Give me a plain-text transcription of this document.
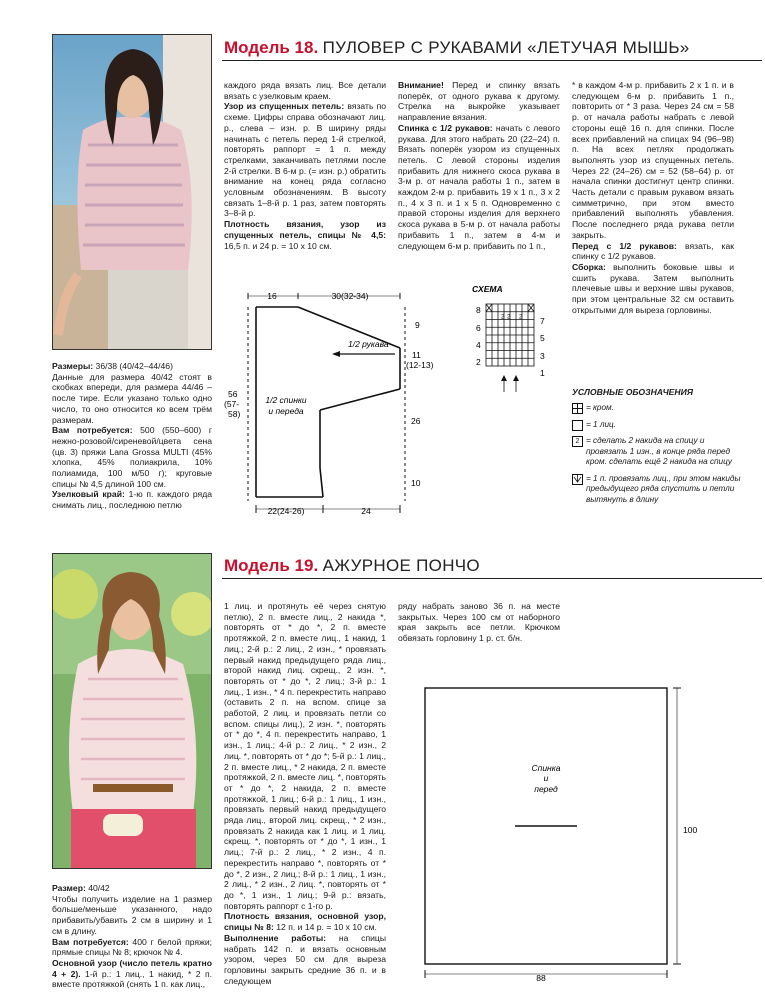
Модель 18. ПУЛОВЕР С РУКАВАМИ «ЛЕТУЧАЯ МЫШЬ»

Размеры: 36/38 (40/42–44/46)

Данные для размера 40/42 стоят в скобках впереди, для размера 44/46 – после тире. Если указано только одно число, то оно относится ко всем трём размерам.

Вам потребуется: 500 (550–600) г нежно-розовой/сиреневой/цвета сена (цв. 3) пряжи Lana Grossa MULTI (45% хлопка, 45% полиакрила, 10% полиамида, 100 м/50 г); круговые спицы № 4,5 длиной 100 см.

Узелковый край: 1-ю п. каждого ряда снимать лиц., последнюю петлю

каждого ряда вязать лиц. Все детали вязать с узелковым краем.

Узор из спущенных петель: вязать по схеме. Цифры справа обозначают лиц. р., слева – изн. р. В ширину ряды начинать с петель перед 1-й стрелкой, повторять раппорт = 1 п. между стрелками, заканчивать петлями после 2-й стрелки. В 6-м р. (= изн. р.) обратить внимание на конец ряда согласно условным обозначениям. В высоту связать 1–8-й р. 1 раз, затем повторять 3–8-й р.

Плотность вязания, узор из спущенных петель, спицы № 4,5: 16,5 п. и 24 р. = 10 х 10 см.

Внимание! Перед и спинку вязать поперёк, от одного рукава к другому. Стрелка на выкройке указывает направление вязания.

Спинка с 1/2 рукавов: начать с левого рукава. Для этого набрать 20 (22–24) п. Вязать поперёк узором из спущенных петель. С левой стороны изделия прибавить для нижнего скоса рукава в 3-м р. от начала работы 1 п., затем в каждом 2-м р. прибавить 19 х 1 п., 3 х 2 п., 4 х 3 п. и 1 х 5 п. Одновременно с правой стороны изделия для верхнего скоса рукава в 5-м р. от начала работы прибавить 1 п., затем в 4-м и следующем 6-м р. прибавить по 1 п.,

* в каждом 4-м р. прибавить 2 х 1 п. и в следующем 6-м р. прибавить 1 п., повторить от * 3 раза. Через 24 см = 58 р. от начала работы набрать с левой стороны ещё 16 п. для спинки. После всех прибавлений на спицах 94 (96–98) п. На всех петлях продолжать выполнять узор из спущенных петель. Через 22 (24–26) см = 52 (58–64) р. от начала спинки достигнут центр спинки. Часть детали с правым рукавом вязать симметрично, при этом вместо прибавлений выполнять убавления. После последнего ряда рукава петли закрыть.

Перед с 1/2 рукавов: вязать, как спинку с 1/2 рукавов.

Сборка: выполнить боковые швы и сшить рукава. Затем выполнить плечевые швы и верхние швы рукавов, при этом центральные 32 см оставить открытыми для выреза горловины.

16	30(32-34)
9
11
(12-13)
1/2 рукава
56
(57-
58)
1/2 спинки
и переда
26
10
22(24-26)	24
СХЕМА
2 2 2
8
6
4
2
7
5
3
1
УСЛОВНЫЕ ОБОЗНАЧЕНИЯ
= кром.
= 1 лиц.
2 = сделать 2 накида на спицу и провязать 1 изн., в конце ряда перед кром. сделать ещё 2 накида на спицу
= 1 п. провязать лиц., при этом накиды предыдущего ряда спустить и петли вытянуть в длину
Модель 19. АЖУРНОЕ ПОНЧО

Размер: 40/42

Чтобы получить изделие на 1 размер больше/меньше указанного, надо прибавить/убавить 2 см в ширину и 1 см в длину.

Вам потребуется: 400 г белой пряжи; прямые спицы № 8; крючок № 4.

Основной узор (число петель кратно 4 + 2). 1-й р.: 1 лиц., 1 накид, * 2 п. вместе протяжкой (снять 1 п. как лиц.,

1 лиц. и протянуть её через снятую петлю), 2 п. вместе лиц., 2 накида *, повторять от * до *, 2 п. вместе протяжкой, 2 п. вместе лиц., 1 накид, 1 лиц.; 2-й р.: 2 лиц., 2 изн., * провязать первый накид предыдущего ряда лиц., второй накид лиц. скрещ., 2 изн. *, повторять от * до *, 2 лиц.; 3-й р.: 1 лиц., 1 изн., * 4 п. перекрестить направо (оставить 2 п. на вспом. спице за работой, 2 лиц. и провязать петли со вспом. спицы лиц.), 2 изн. *, повторять от * до *, 4 п. перекрестить направо, 1 изн., 1 лиц.; 4-й р.: 2 лиц., * 2 изн., 2 лиц. *, повторять от * до *; 5-й р.: 1 лиц., 2 п. вместе лиц., * 2 накида, 2 п. вместе протяжкой, 2 п. вместе лиц. *, повторять от * до *, 2 накида, 2 п. вместе протяжкой, 1 лиц.; 6-й р.: 1 лиц., 1 изн., провязать первый накид предыдущего ряда лиц., второй лиц. скрещ., * 2 изн., провязать 2 накида как 1 лиц. и 1 лиц. скрещ. *, повторять от * до *, 1 изн., 1 лиц.; 7-й р.: 2 лиц., * 2 изн., 4 п. перекрестить направо *, повторять от * до *, 2 изн., 2 лиц.; 8-й р.: 1 лиц., 1 изн., 2 лиц., * 2 изн., 2 лиц. *, повторять от * до *, 1 изн., 1 лиц.; 9-й р.: вязать, повторять раппорт с 1-го р.

Плотность вязания, основной узор, спицы № 8: 12 п. и 14 р. = 10 х 10 см.

Выполнение работы: на спицы набрать 142 п. и вязать основным узором, через 50 см для выреза горловины закрыть средние 36 п. и в следующем

ряду набрать заново 36 п. на месте закрытых. Через 100 см от наборного края закрыть все петли. Крючком обвязать горловину 1 р. ст. б/н.

Спинка
и
перед
100
88
